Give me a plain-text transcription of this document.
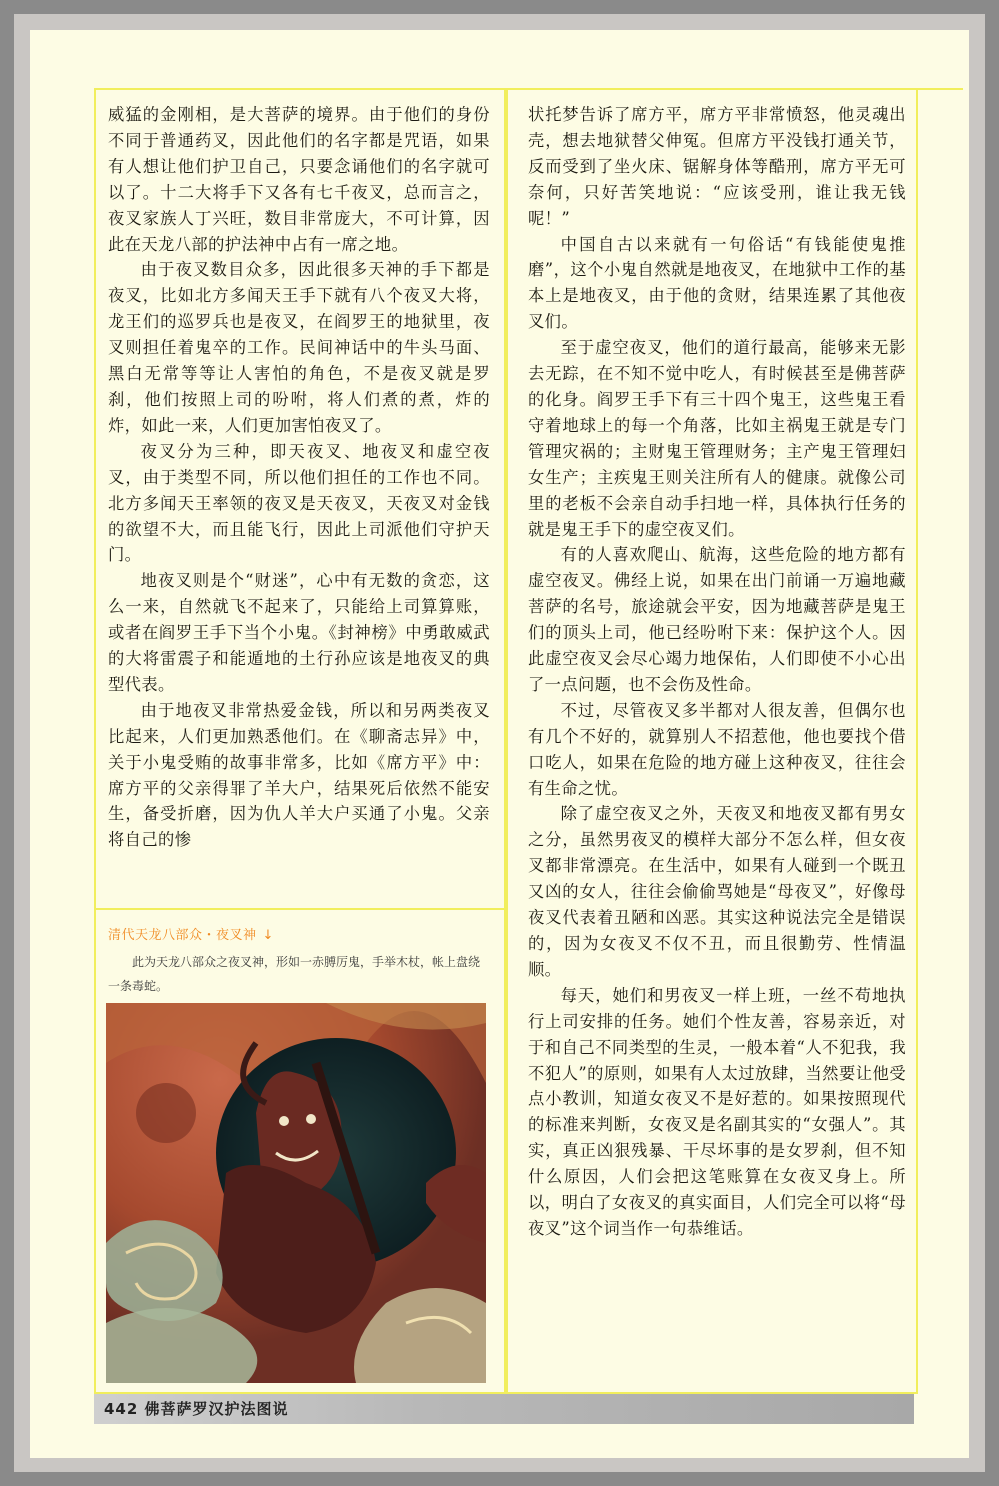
威猛的金刚相，是大菩萨的境界。由于他们的身份不同于普通药叉，因此他们的名字都是咒语，如果有人想让他们护卫自己，只要念诵他们的名字就可以了。十二大将手下又各有七千夜叉，总而言之，夜叉家族人丁兴旺，数目非常庞大，不可计算，因此在天龙八部的护法神中占有一席之地。

由于夜叉数目众多，因此很多天神的手下都是夜叉，比如北方多闻天王手下就有八个夜叉大将，龙王们的巡罗兵也是夜叉，在阎罗王的地狱里，夜叉则担任着鬼卒的工作。民间神话中的牛头马面、黑白无常等等让人害怕的角色，不是夜叉就是罗刹，他们按照上司的吩咐，将人们煮的煮，炸的炸，如此一来，人们更加害怕夜叉了。

夜叉分为三种，即天夜叉、地夜叉和虚空夜叉，由于类型不同，所以他们担任的工作也不同。北方多闻天王率领的夜叉是天夜叉，天夜叉对金钱的欲望不大，而且能飞行，因此上司派他们守护天门。

地夜叉则是个“财迷”，心中有无数的贪恋，这么一来，自然就飞不起来了，只能给上司算算账，或者在阎罗王手下当个小鬼。《封神榜》中勇敢威武的大将雷震子和能遁地的土行孙应该是地夜叉的典型代表。

由于地夜叉非常热爱金钱，所以和另两类夜叉比起来，人们更加熟悉他们。在《聊斋志异》中，关于小鬼受贿的故事非常多，比如《席方平》中：席方平的父亲得罪了羊大户，结果死后依然不能安生，备受折磨，因为仇人羊大户买通了小鬼。父亲将自己的惨

状托梦告诉了席方平，席方平非常愤怒，他灵魂出壳，想去地狱替父伸冤。但席方平没钱打通关节，反而受到了坐火床、锯解身体等酷刑，席方平无可奈何，只好苦笑地说：“应该受刑，谁让我无钱呢！”

中国自古以来就有一句俗话“有钱能使鬼推磨”，这个小鬼自然就是地夜叉，在地狱中工作的基本上是地夜叉，由于他的贪财，结果连累了其他夜叉们。

至于虚空夜叉，他们的道行最高，能够来无影去无踪，在不知不觉中吃人，有时候甚至是佛菩萨的化身。阎罗王手下有三十四个鬼王，这些鬼王看守着地球上的每一个角落，比如主祸鬼王就是专门管理灾祸的；主财鬼王管理财务；主产鬼王管理妇女生产；主疾鬼王则关注所有人的健康。就像公司里的老板不会亲自动手扫地一样，具体执行任务的就是鬼王手下的虚空夜叉们。

有的人喜欢爬山、航海，这些危险的地方都有虚空夜叉。佛经上说，如果在出门前诵一万遍地藏菩萨的名号，旅途就会平安，因为地藏菩萨是鬼王们的顶头上司，他已经吩咐下来：保护这个人。因此虚空夜叉会尽心竭力地保佑，人们即使不小心出了一点问题，也不会伤及性命。

不过，尽管夜叉多半都对人很友善，但偶尔也有几个不好的，就算别人不招惹他，他也要找个借口吃人，如果在危险的地方碰上这种夜叉，往往会有生命之忧。

除了虚空夜叉之外，天夜叉和地夜叉都有男女之分，虽然男夜叉的模样大部分不怎么样，但女夜叉都非常漂亮。在生活中，如果有人碰到一个既丑又凶的女人，往往会偷偷骂她是“母夜叉”，好像母夜叉代表着丑陋和凶恶。其实这种说法完全是错误的，因为女夜叉不仅不丑，而且很勤劳、性情温顺。

每天，她们和男夜叉一样上班，一丝不苟地执行上司安排的任务。她们个性友善，容易亲近，对于和自己不同类型的生灵，一般本着“人不犯我，我不犯人”的原则，如果有人太过放肆，当然要让他受点小教训，知道女夜叉不是好惹的。如果按照现代的标准来判断，女夜叉是名副其实的“女强人”。其实，真正凶狠残暴、干尽坏事的是女罗刹，但不知什么原因，人们会把这笔账算在女夜叉身上。所以，明白了女夜叉的真实面目，人们完全可以将“母夜叉”这个词当作一句恭维话。

清代天龙八部众・夜叉神 ↓
此为天龙八部众之夜叉神，形如一赤膊厉鬼，手举木杖，帐上盘绕一条毒蛇。
442 佛菩萨罗汉护法图说
